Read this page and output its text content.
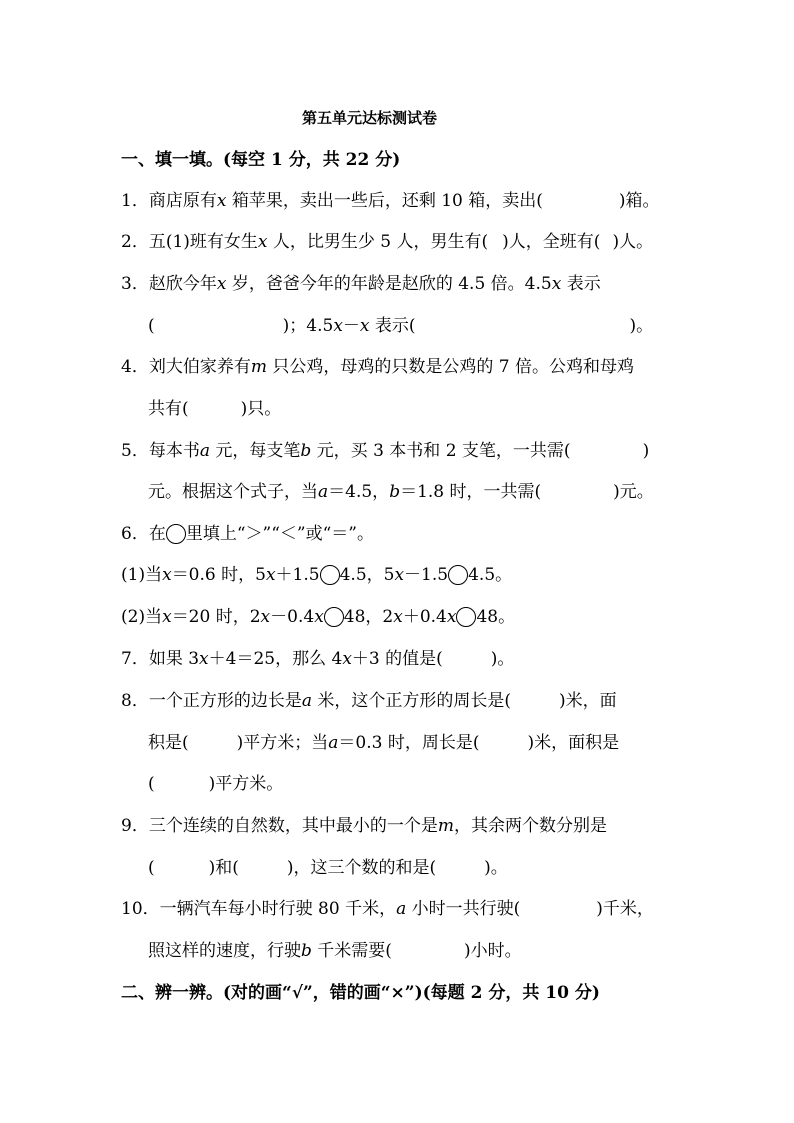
第五单元达标测试卷
一、填一填。(每空 1 分，共 22 分)
1．商店原有x 箱苹果，卖出一些后，还剩 10 箱，卖出(	)箱。
2．五(1)班有女生x 人，比男生少 5 人，男生有( )人，全班有( )人。
3．赵欣今年x 岁，爸爸今年的年龄是赵欣的 4.5 倍。4.5x 表示
(	)；4.5x－x 表示(	)。
4．刘大伯家养有m 只公鸡，母鸡的只数是公鸡的 7 倍。公鸡和母鸡
共有(	)只。
5．每本书a 元，每支笔b 元，买 3 本书和 2 支笔，一共需(	)
元。根据这个式子，当a＝4.5，b＝1.8 时，一共需(	)元。
6．在 里填上“＞”“＜”或“＝”。
(1)当x＝0.6 时，5x＋1.5 4.5，5x－1.5 4.5。
(2)当x＝20 时，2x－0.4x 48，2x＋0.4x 48。
7．如果 3x＋4＝25，那么 4x＋3 的值是(	)。
8．一个正方形的边长是a 米，这个正方形的周长是(	)米，面
积是(	)平方米；当a＝0.3 时，周长是(	)米，面积是
(	)平方米。
9．三个连续的自然数，其中最小的一个是m，其余两个数分别是
(	)和(	)，这三个数的和是(	)。
10．一辆汽车每小时行驶 80 千米，a 小时一共行驶(	)千米，
照这样的速度，行驶b 千米需要(	)小时。
二、辨一辨。(对的画“√”，错的画“×”)(每题 2 分，共 10 分)
